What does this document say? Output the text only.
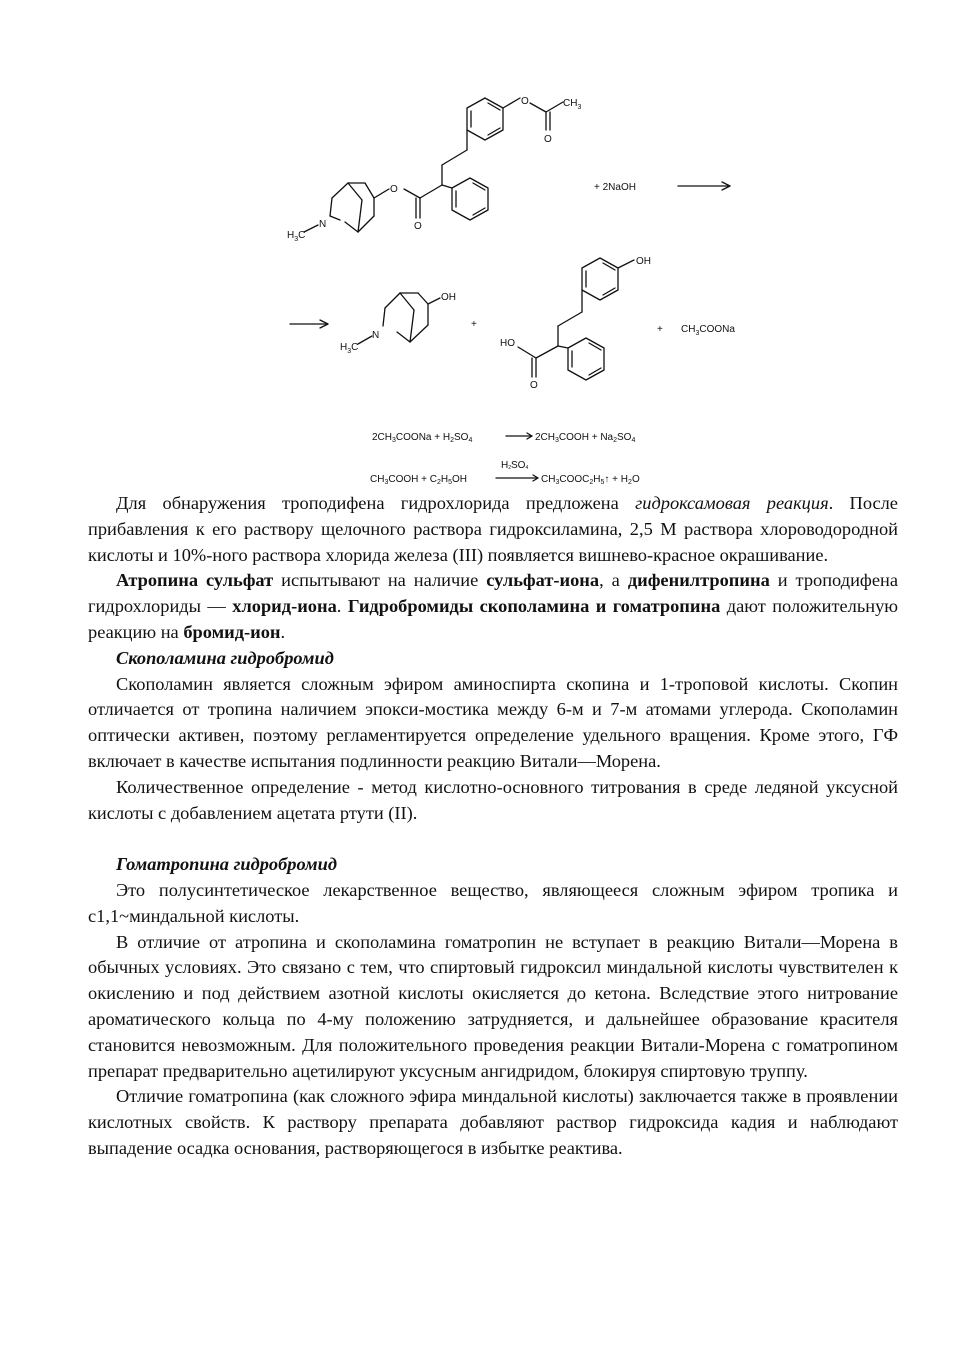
O	$CH_3$
O
O
O
N
$H_3C$
+ 2NaOH
OH
N
$H_3C$
+
OH
HO
O
+ $CH_3COONa$
$2CH_3COONa + H_2SO_4$	$2CH_3COOH + Na_2SO_4$
H2SO4
$CH_3COOH + C_2H_5OH$	$CH_3COOC_2H_5↑ + H_2O$

Для обнаружения троподифена гидрохлорида предложена гидроксамовая реакция. После прибавления к его раствору щелочного раствора гидроксиламина, 2,5 М раствора хлороводородной кислоты и 10%-ного раствора хлорида железа (III) появляется вишнево-красное окрашивание.

Атропина сульфат испытывают на наличие сульфат-иона, а дифенилтропина и троподифена гидрохлориды — хлорид-иона. Гидробромиды скополамина и гоматропина дают положительную реакцию на бромид-ион.

Скополамина гидробромид

Скополамин является сложным эфиром аминоспирта скопина и 1-троповой кислоты. Скопин отличается от тропина наличием эпокси-мостика между 6-м и 7-м атомами углерода. Скополамин оптически активен, поэтому регламентируется определение удельного вращения. Кроме этого, ГФ включает в качестве испытания подлинности реакцию Витали—Морена.

Количественное определение - метод кислотно-основного титрования в среде ледяной уксусной кислоты с добавлением ацетата ртути (II).

Гоматропина гидробромид

Это полусинтетическое лекарственное вещество, являющееся сложным эфиром тропика и с1,1~миндальной кислоты.

В отличие от атропина и скополамина гоматропин не вступает в реакцию Витали—Морена в обычных условиях. Это связано с тем, что спиртовый гидроксил миндальной кислоты чувствителен к окислению и под действием азотной кислоты окисляется до кетона. Вследствие этого нитрование ароматического кольца по 4-му положению затрудняется, и дальнейшее образование красителя становится невозможным. Для положительного проведения реакции Витали-Морена с гоматропином препарат предварительно ацетилируют уксусным ангидридом, блокируя спиртовую труппу.

Отличие гоматропина (как сложного эфира миндальной кислоты) заключается также в проявлении кислотных свойств. К раствору препарата добавляют раствор гидроксида кадия и наблюдают выпадение осадка основания, растворяющегося в избытке реактива.
